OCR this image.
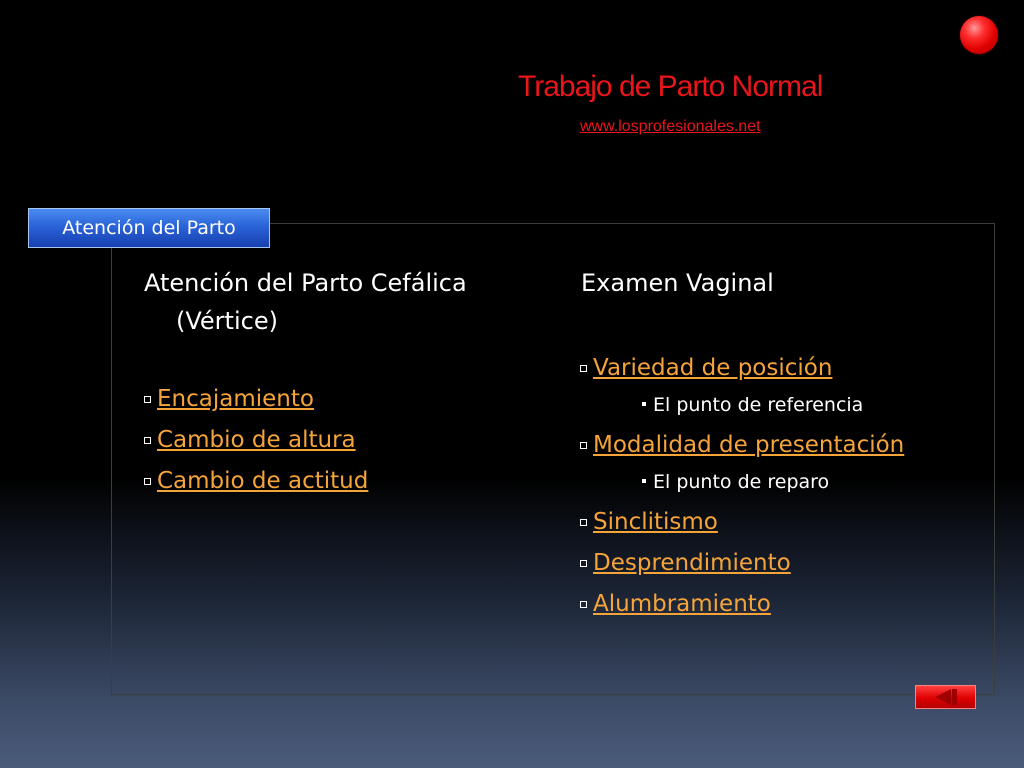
Trabajo de Parto Normal
www.losprofesionales.net
Atención del Parto
Atención del Parto Cefálica
(Vértice)
Encajamiento
Cambio de altura
Cambio de actitud
Examen Vaginal
Variedad de posición
El punto de referencia
Modalidad de presentación
El punto de reparo
Sinclitismo
Desprendimiento
Alumbramiento
